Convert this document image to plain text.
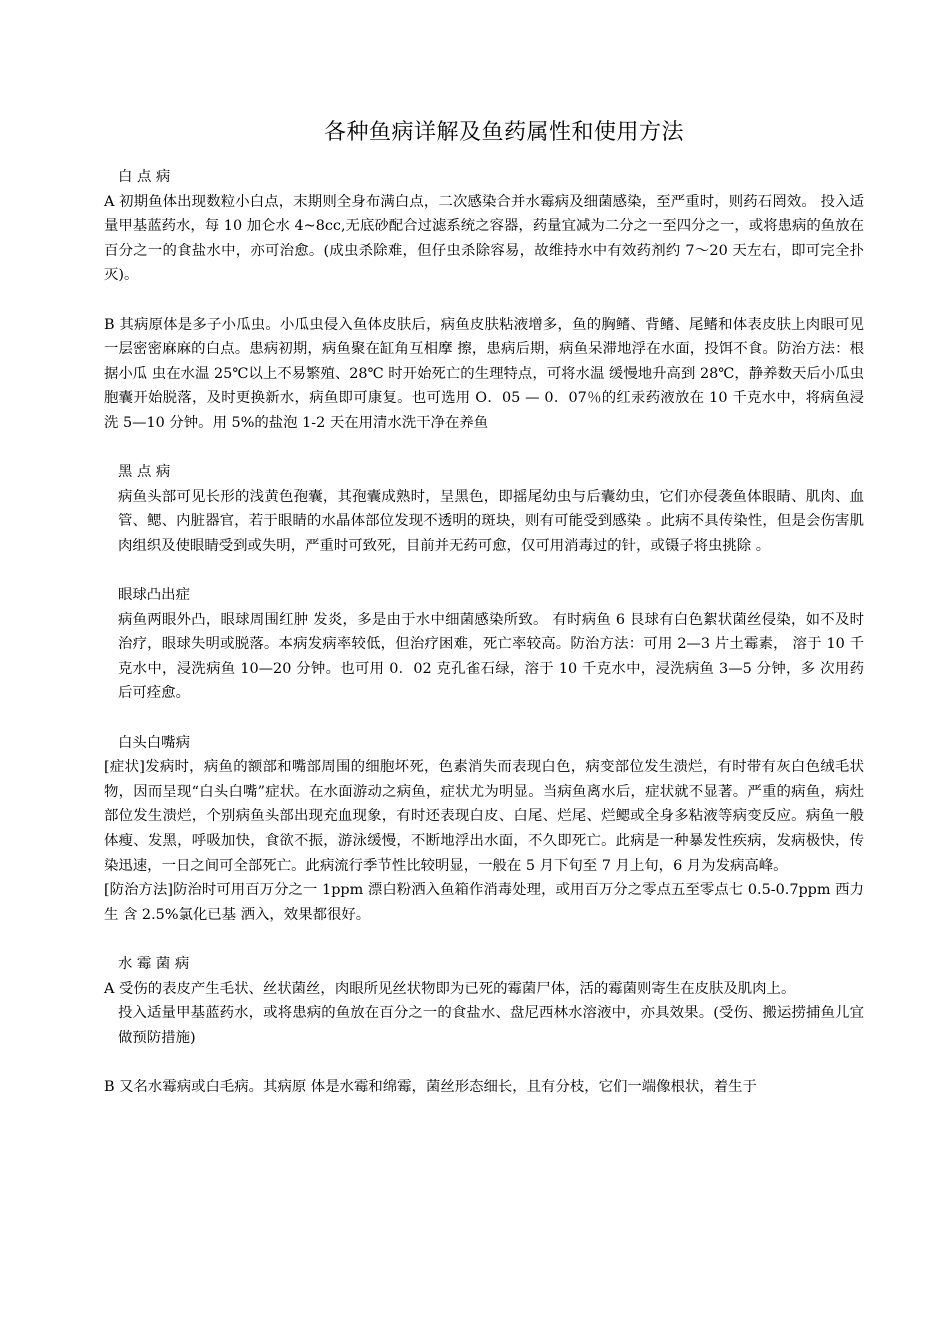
各种鱼病详解及鱼药属性和使用方法

白 点 病

A 初期鱼体出现数粒小白点，末期则全身布满白点，二次感染合并水霉病及细菌感染，至严重时，则药石罔效。 投入适量甲基蓝药水，每 10 加仑水 4~8cc,无底砂配合过滤系统之容器，药量宜减为二分之一至四分之一，或将患病的鱼放在百分之一的食盐水中，亦可治愈。(成虫杀除难，但仔虫杀除容易，故维持水中有效药剂约 7～20 天左右，即可完全扑灭)。

B 其病原体是多子小瓜虫。小瓜虫侵入鱼体皮肤后，病鱼皮肤粘液增多，鱼的胸鳍、背鳍、尾鳍和体表皮肤上肉眼可见一层密密麻麻的白点。患病初期，病鱼聚在缸角互相摩 擦，患病后期，病鱼呆滞地浮在水面，投饵不食。防治方法：根据小瓜 虫在水温 25℃以上不易繁殖、28℃ 时开始死亡的生理特点，可将水温 缓慢地升高到 28℃，静养数天后小瓜虫胞囊开始脱落，及时更换新水，病鱼即可康复。也可选用 O．05 — 0．07％的红汞药液放在 10 千克水中，将病鱼浸洗 5—10 分钟。用 5%的盐泡 1-2 天在用清水洗干净在养鱼

黑 点 病

病鱼头部可见长形的浅黄色孢囊，其孢囊成熟时，呈黑色，即摇尾幼虫与后囊幼虫，它们亦侵袭鱼体眼睛、肌肉、血管、鳃、内脏器官，若于眼睛的水晶体部位发现不透明的斑块，则有可能受到感染 。此病不具传染性，但是会伤害肌肉组织及使眼睛受到或失明，严重时可致死，目前并无药可愈，仅可用消毒过的针，或镊子将虫挑除 。

眼球凸出症

病鱼两眼外凸，眼球周围红肿 发炎，多是由于水中细菌感染所致。 有时病鱼 6 艮球有白色絮状菌丝侵染，如不及时治疗，眼球失明或脱落。本病发病率较低，但治疗困难，死亡率较高。防治方法：可用 2—3 片土霉素， 溶于 10 千克水中，浸洗病鱼 10—20 分钟。也可用 0．02 克孔雀石绿，溶于 10 千克水中，浸洗病鱼 3—5 分钟，多 次用药后可痊愈。

白头白嘴病

[症状]发病时，病鱼的额部和嘴部周围的细胞坏死，色素消失而表现白色，病变部位发生溃烂，有时带有灰白色绒毛状物，因而呈现“白头白嘴”症状。在水面游动之病鱼，症状尤为明显。当病鱼离水后，症状就不显著。严重的病鱼，病灶部位发生溃烂，个别病鱼头部出现充血现象，有时还表现白皮、白尾、烂尾、烂鳃或全身多粘液等病变反应。病鱼一般体瘦、发黑，呼吸加快，食欲不振，游泳缓慢，不断地浮出水面，不久即死亡。此病是一种暴发性疾病，发病极快，传染迅速，一日之间可全部死亡。此病流行季节性比较明显，一般在 5 月下旬至 7 月上旬，6 月为发病高峰。

[防治方法]防治时可用百万分之一 1ppm 漂白粉洒入鱼箱作消毒处理，或用百万分之零点五至零点七 0.5-0.7ppm 西力生 含 2.5%氯化已基 洒入，效果都很好。

水 霉 菌 病

A 受伤的表皮产生毛状、丝状菌丝，肉眼所见丝状物即为已死的霉菌尸体，活的霉菌则寄生在皮肤及肌肉上。

投入适量甲基蓝药水，或将患病的鱼放在百分之一的食盐水、盘尼西林水溶液中，亦具效果。(受伤、搬运捞捕鱼儿宜做预防措施)

B 又名水霉病或白毛病。其病原 体是水霉和绵霉，菌丝形态细长，且有分枝，它们一端像根状，着生于
